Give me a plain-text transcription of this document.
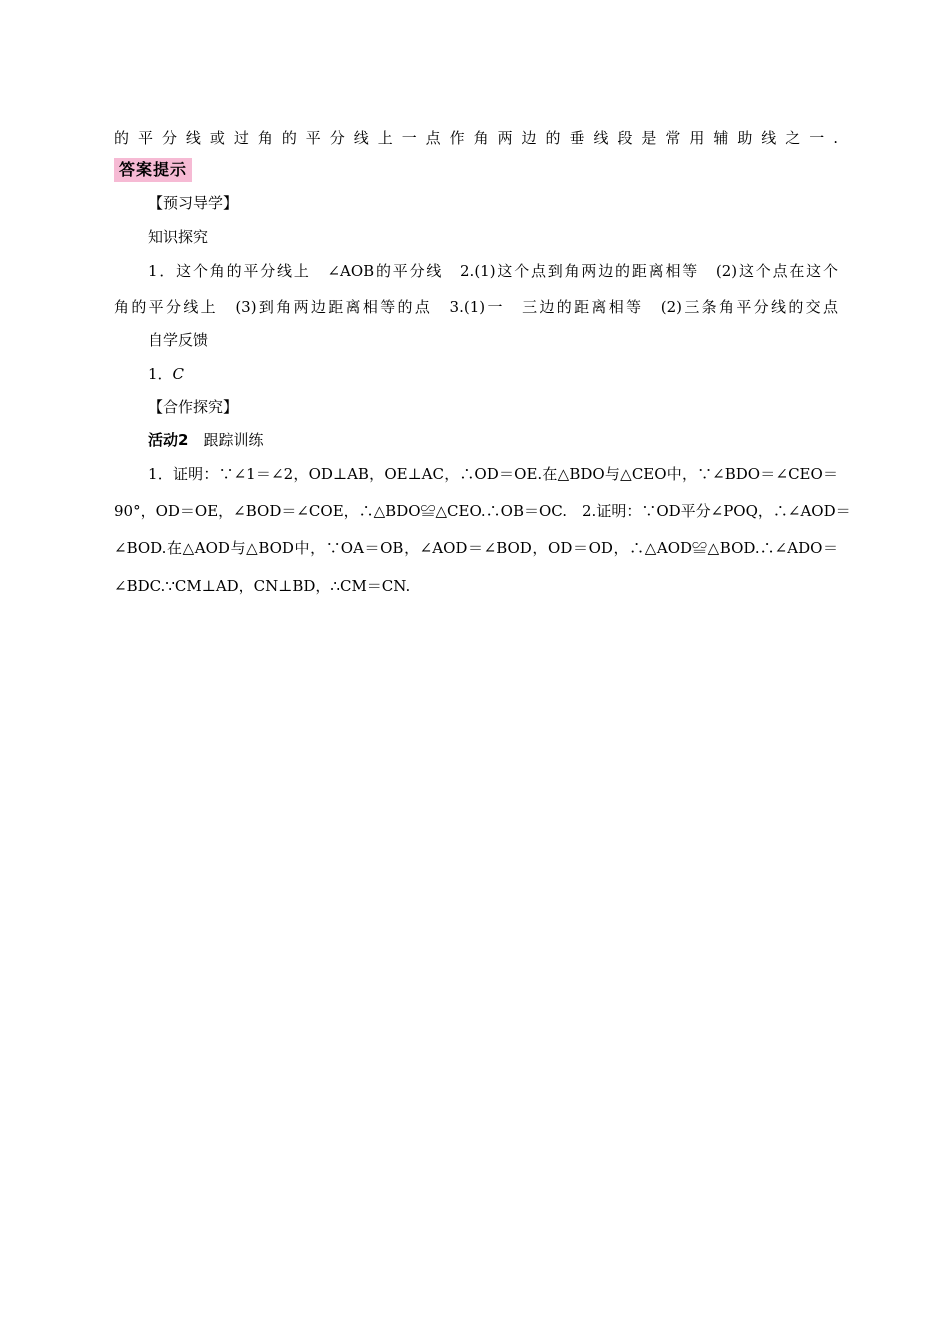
的平分线或过角的平分线上一点作角两边的垂线段是常用辅助线之一.
答案提示
【预习导学】
知识探究
1．这个角的平分线上　∠AOB的平分线　2.(1)这个点到角两边的距离相等　(2)这个点在这个
角的平分线上　(3)到角两边距离相等的点　3.(1)一　三边的距离相等　(2)三条角平分线的交点
自学反馈
1．C
【合作探究】
活动2　跟踪训练
1．证明：∵∠1＝∠2，OD⊥AB，OE⊥AC，∴OD＝OE.在△BDO与△CEO中，∵∠BDO＝∠CEO＝
90°，OD＝OE，∠BOD＝∠COE，∴△BDO≌△CEO.∴OB＝OC.　2.证明：∵OD平分∠POQ，∴∠AOD＝
∠BOD.在△AOD与△BOD中，∵OA＝OB，∠AOD＝∠BOD，OD＝OD，∴△AOD≌△BOD.∴∠ADO＝
∠BDC.∵CM⊥AD，CN⊥BD，∴CM＝CN.
